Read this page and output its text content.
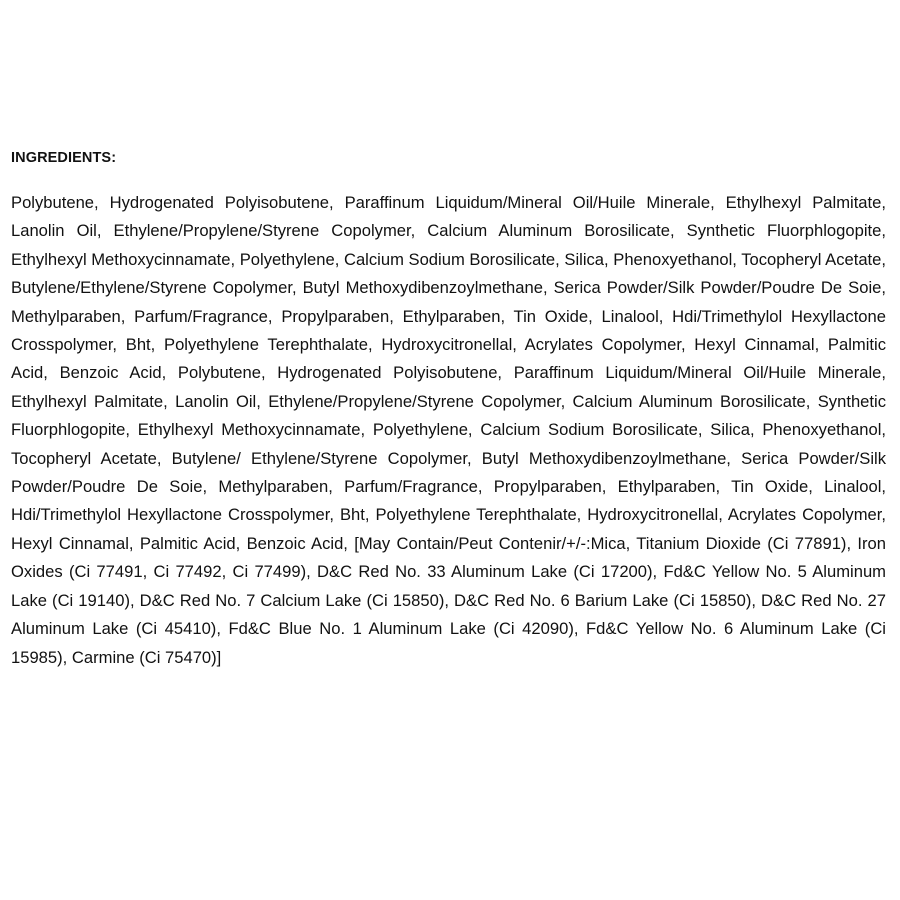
INGREDIENTS:

Polybutene, Hydrogenated Polyisobutene, Paraffinum Liquidum/Mineral Oil/Huile Minerale, Ethylhexyl Palmitate, Lanolin Oil, Ethylene/Propylene/Styrene Copolymer, Calcium Aluminum Borosilicate, Synthetic Fluorphlogopite, Ethylhexyl Methoxycinnamate, Polyethylene, Calcium Sodium Borosilicate, Silica, Phenoxyethanol, Tocopheryl Acetate, Butylene/Ethylene/Styrene Copolymer, Butyl Methoxydibenzoylmethane, Serica Powder/Silk Powder/Poudre De Soie, Methylparaben, Parfum/Fragrance, Propylparaben, Ethylparaben, Tin Oxide, Linalool, Hdi/Trimethylol Hexyllactone Crosspolymer, Bht, Polyethylene Terephthalate, Hydroxycitronellal, Acrylates Copolymer, Hexyl Cinnamal, Palmitic Acid, Benzoic Acid, Polybutene, Hydrogenated Polyisobutene, Paraffinum Liquidum/Mineral Oil/Huile Minerale, Ethylhexyl Palmitate, Lanolin Oil, Ethylene/Propylene/Styrene Copolymer, Calcium Aluminum Borosilicate, Synthetic Fluorphlogopite, Ethylhexyl Methoxycinnamate, Polyethylene, Calcium Sodium Borosilicate, Silica, Phenoxyethanol, Tocopheryl Acetate, Butylene/ Ethylene/Styrene Copolymer, Butyl Methoxydibenzoylmethane, Serica Powder/Silk Powder/Poudre De Soie, Methylparaben, Parfum/Fragrance, Propylparaben, Ethylparaben, Tin Oxide, Linalool, Hdi/Trimethylol Hexyllactone Crosspolymer, Bht, Polyethylene Terephthalate, Hydroxycitronellal, Acrylates Copolymer, Hexyl Cinnamal, Palmitic Acid, Benzoic Acid, [May Contain/Peut Contenir/+/-:Mica, Titanium Dioxide (Ci 77891), Iron Oxides (Ci 77491, Ci 77492, Ci 77499), D&C Red No. 33 Aluminum Lake (Ci 17200), Fd&C Yellow No. 5 Aluminum Lake (Ci 19140), D&C Red No. 7 Calcium Lake (Ci 15850), D&C Red No. 6 Barium Lake (Ci 15850), D&C Red No. 27 Aluminum Lake (Ci 45410), Fd&C Blue No. 1 Aluminum Lake (Ci 42090), Fd&C Yellow No. 6 Aluminum Lake (Ci 15985), Carmine (Ci 75470)]
